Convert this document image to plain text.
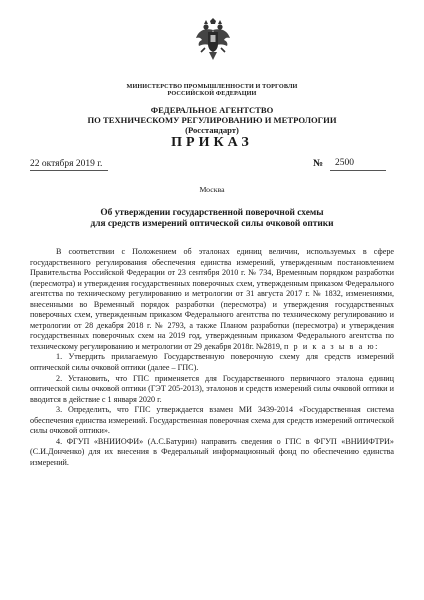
МИНИСТЕРСТВО ПРОМЫШЛЕННОСТИ И ТОРГОВЛИ
РОССИЙСКОЙ ФЕДЕРАЦИИ
ФЕДЕРАЛЬНОЕ АГЕНТСТВО
ПО ТЕХНИЧЕСКОМУ РЕГУЛИРОВАНИЮ И МЕТРОЛОГИИ
(Росстандарт)
ПРИКАЗ
22 октября 2019 г.	№ 2500
Москва
Об утверждении государственной поверочной схемы
для средств измерений оптической силы очковой оптики

В соответствии с Положением об эталонах единиц величин, используемых в сфере государственного регулирования обеспечения единства измерений, утвержденным постановлением Правительства Российской Федерации от 23 сентября 2010 г. № 734, Временным порядком разработки (пересмотра) и утверждения государственных поверочных схем, утвержденным приказом Федерального агентства по техническому регулированию и метрологии от 31 августа 2017 г. № 1832, изменениями, внесенными во Временный порядок разработки (пересмотра) и утверждения государственных поверочных схем, утвержденным приказом Федерального агентства по техническому регулированию и метрологии от 28 декабря 2018 г. № 2793, а также Планом разработки (пересмотра) и утверждения государственных поверочных схем на 2019 год, утвержденным приказом Федерального агентства по техническому регулированию и метрологии от 29 декабря 2018г. №2819, п р и к а з ы в а ю:

1. Утвердить прилагаемую Государственную поверочную схему для средств измерений оптической силы очковой оптики (далее – ГПС).

2. Установить, что ГПС применяется для Государственного первичного эталона единиц оптической силы очковой оптики (ГЭТ 205-2013), эталонов и средств измерений силы очковой оптики и вводится в действие с 1 января 2020 г.

3. Определить, что ГПС утверждается взамен МИ 3439-2014 «Государственная система обеспечения единства измерений. Государственная поверочная схема для средств измерений оптической силы очковой оптики».

4. ФГУП «ВНИИОФИ» (А.С.Батурин) направить сведения о ГПС в ФГУП «ВНИИФТРИ» (С.И.Донченко) для их внесения в Федеральный информационный фонд по обеспечению единства измерений.
